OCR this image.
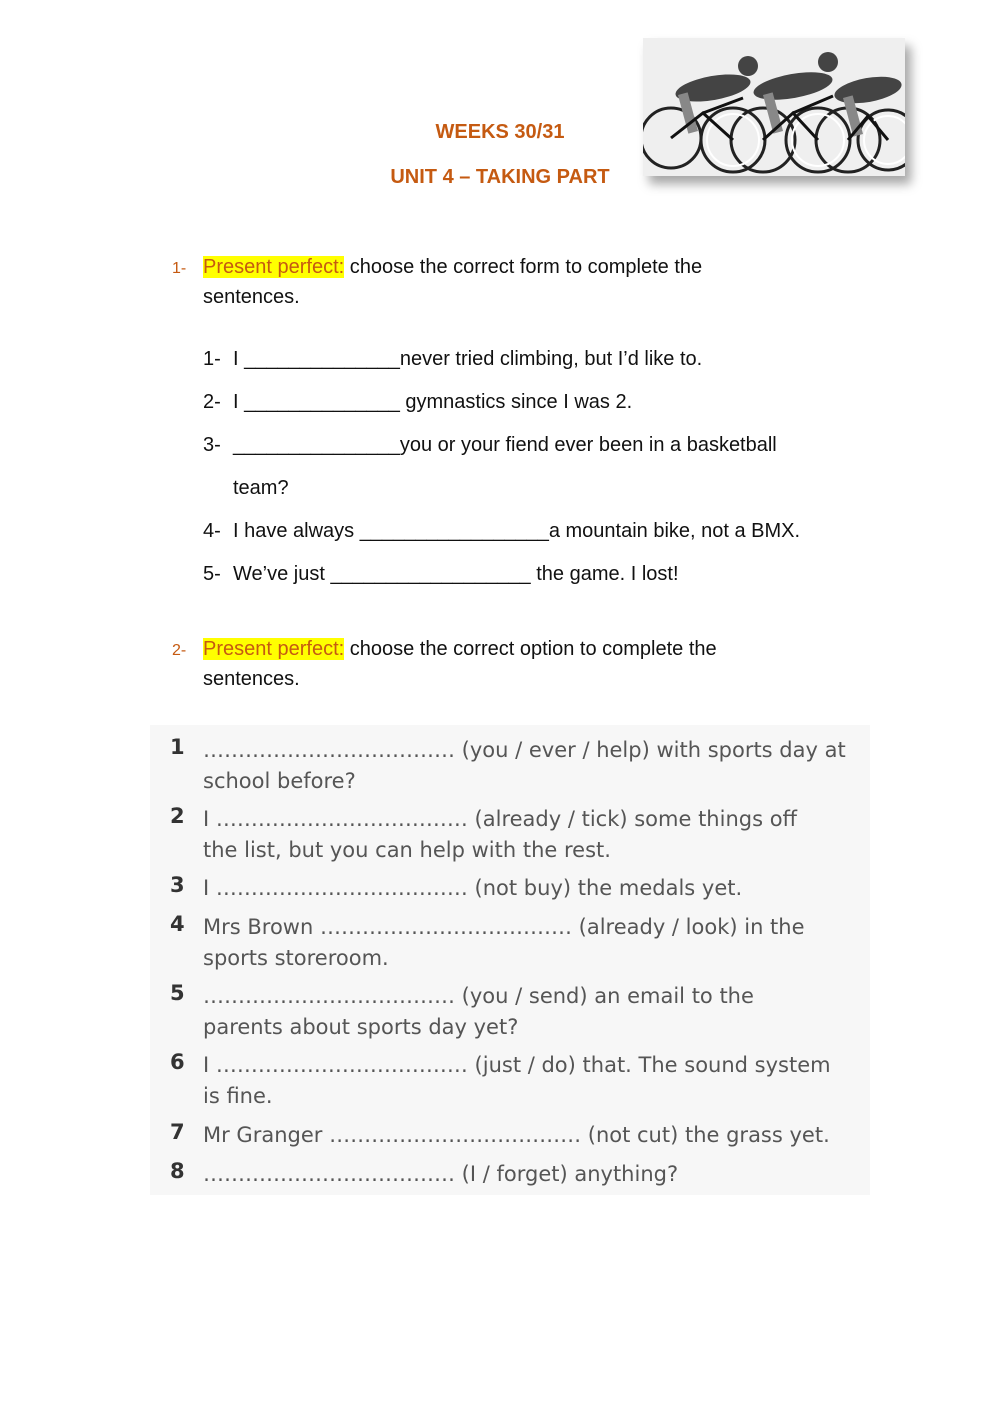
WEEKS 30/31
UNIT 4 – TAKING PART
1- Present perfect: choose the correct form to complete the
sentences.
1- I ______________never tried climbing, but I’d like to.
2- I ______________ gymnastics since I was 2.
3- _______________you or your fiend ever been in a basketball
team?
4- I have always _________________a mountain bike, not a BMX.
5- We’ve just __________________ the game. I lost!
2- Present perfect: choose the correct option to complete the
sentences.
1 ……………………………… (you / ever / help) with sports day at
school before?
2 I ……………………………… (already / tick) some things off
the list, but you can help with the rest.
3 I ……………………………… (not buy) the medals yet.
4 Mrs Brown ……………………………… (already / look) in the
sports storeroom.
5 ……………………………… (you / send) an email to the
parents about sports day yet?
6 I ……………………………… (just / do) that. The sound system
is fine.
7 Mr Granger ……………………………… (not cut) the grass yet.
8 ……………………………… (I / forget) anything?
